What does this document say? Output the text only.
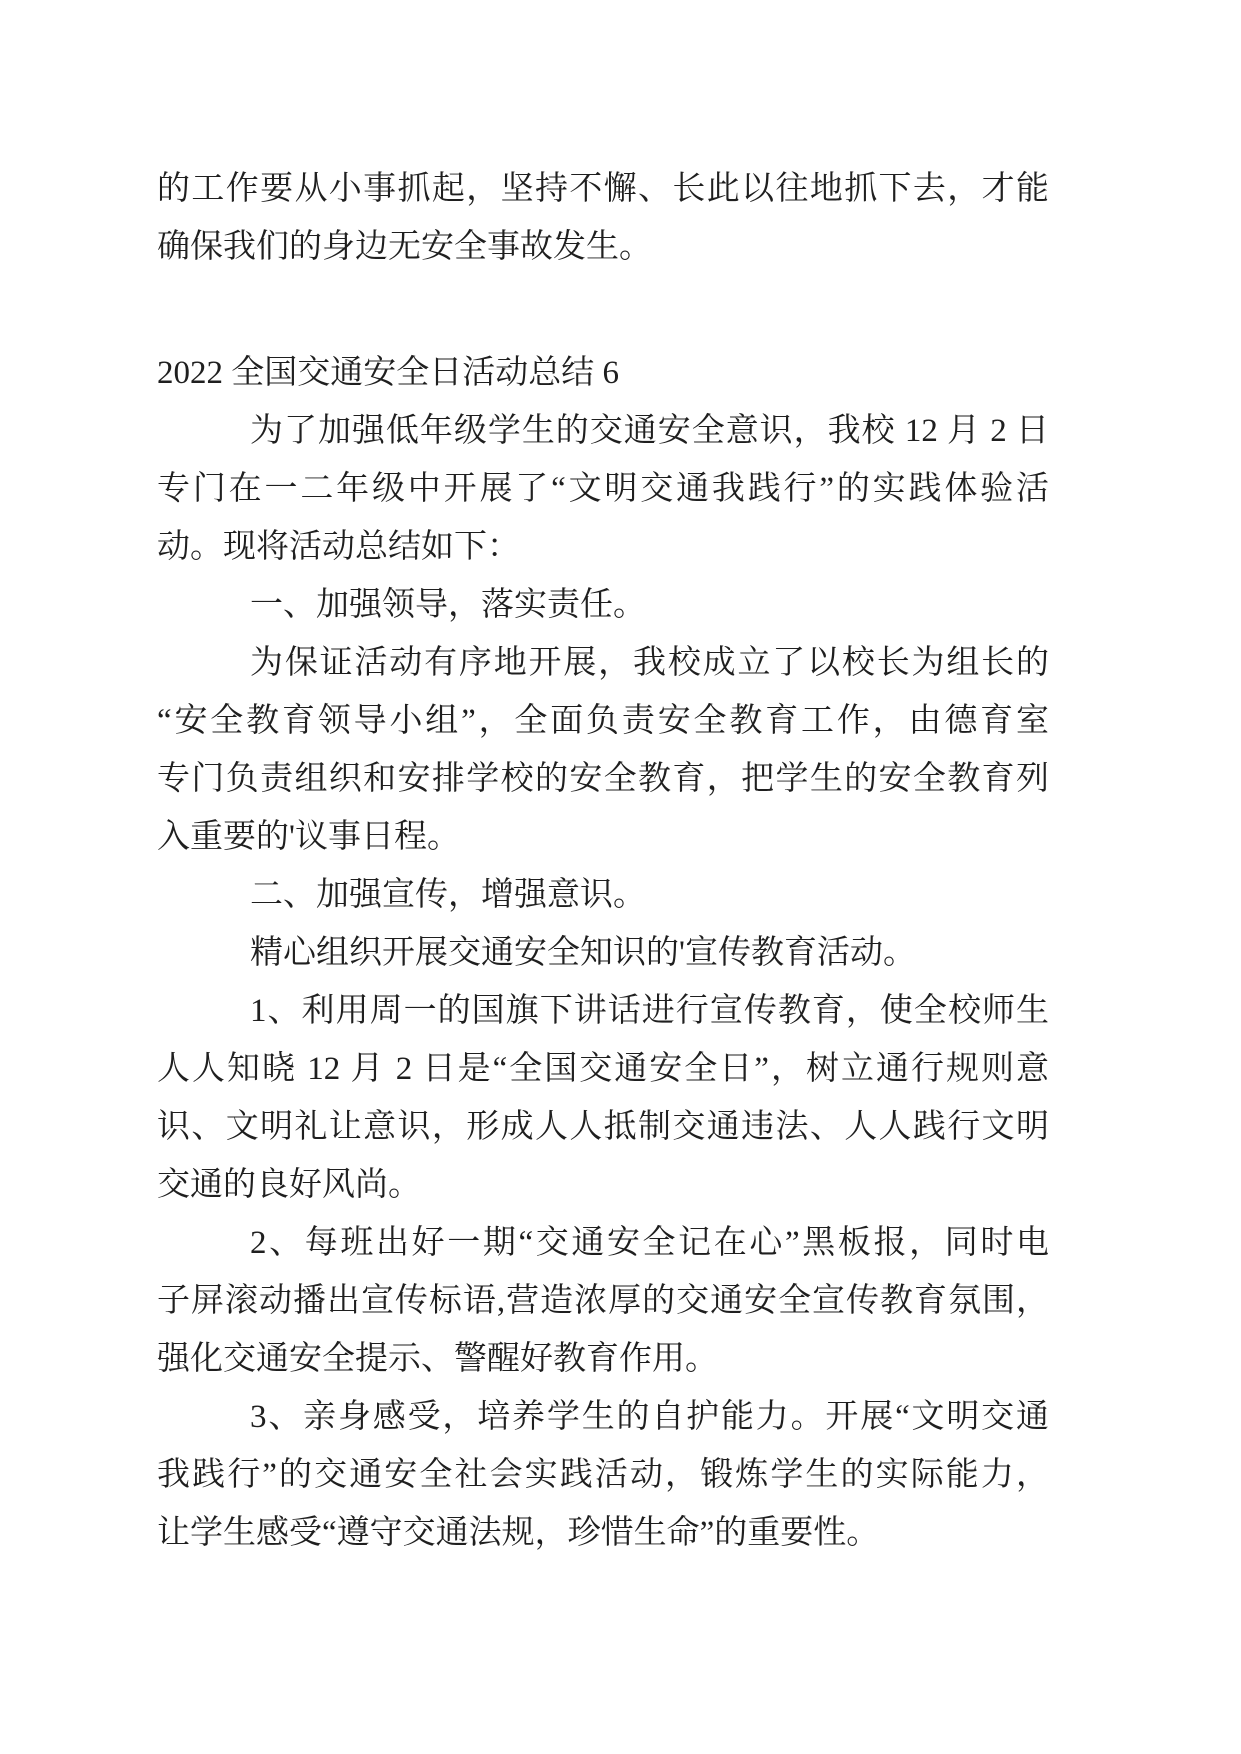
的工作要从小事抓起，坚持不懈、长此以往地抓下去，才能
确保我们的身边无安全事故发生。
2022 全国交通安全日活动总结 6
为了加强低年级学生的交通安全意识，我校 12 月 2 日
专门在一二年级中开展了“文明交通我践行”的实践体验活
动。现将活动总结如下：
一、加强领导，落实责任。
为保证活动有序地开展，我校成立了以校长为组长的
“安全教育领导小组”，全面负责安全教育工作，由德育室
专门负责组织和安排学校的安全教育，把学生的安全教育列
入重要的'议事日程。
二、加强宣传，增强意识。
精心组织开展交通安全知识的'宣传教育活动。
1、利用周一的国旗下讲话进行宣传教育，使全校师生
人人知晓 12 月 2 日是“全国交通安全日”，树立通行规则意
识、文明礼让意识，形成人人抵制交通违法、人人践行文明
交通的良好风尚。
2、每班出好一期“交通安全记在心”黑板报，同时电
子屏滚动播出宣传标语,营造浓厚的交通安全宣传教育氛围，
强化交通安全提示、警醒好教育作用。
3、亲身感受，培养学生的自护能力。开展“文明交通
我践行”的交通安全社会实践活动，锻炼学生的实际能力，
让学生感受“遵守交通法规，珍惜生命”的重要性。
